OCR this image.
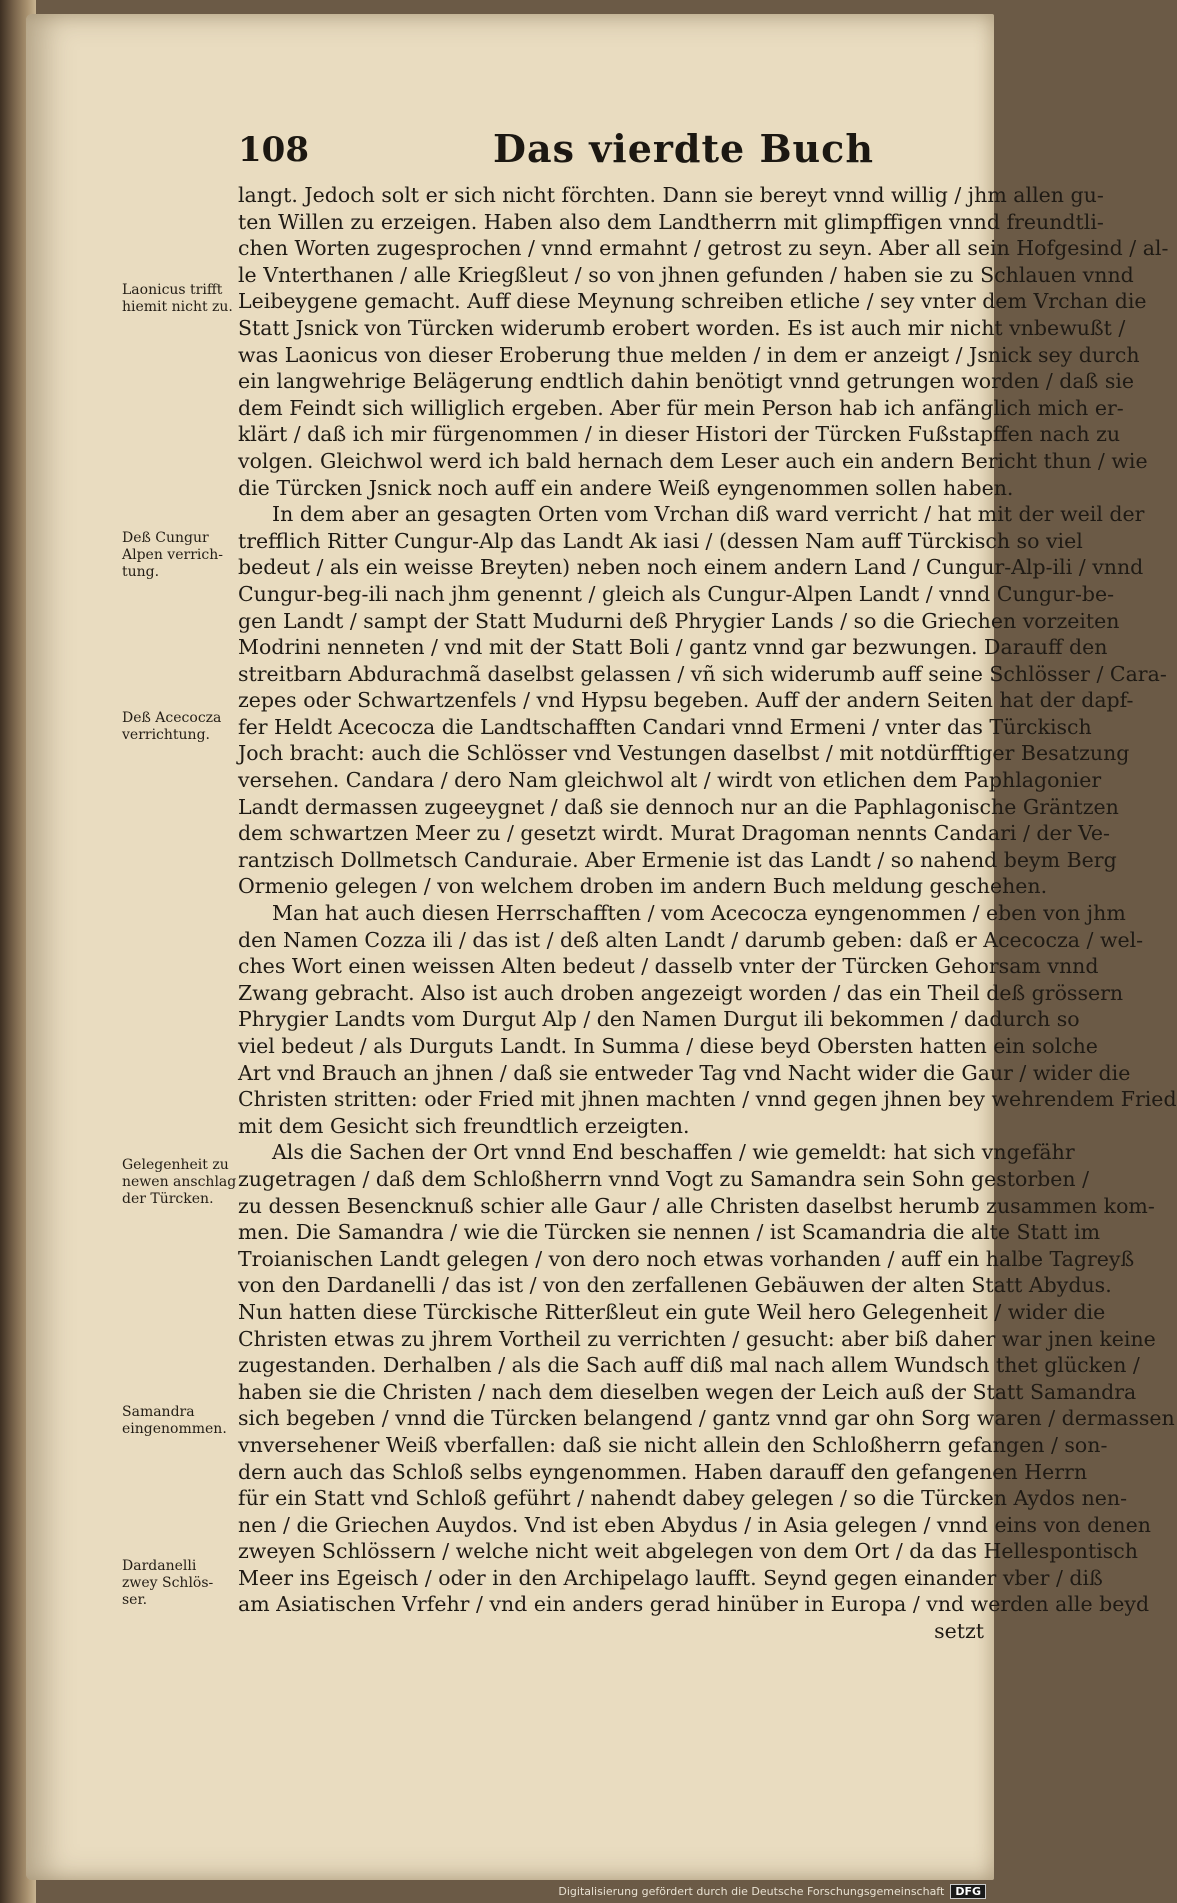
108	Das vierdte Buch
langt. Jedoch solt er sich nicht förchten. Dann sie bereyt vnnd willig / jhm allen gu-
ten Willen zu erzeigen. Haben also dem Landtherrn mit glimpffigen vnnd freundtli-
chen Worten zugesprochen / vnnd ermahnt / getrost zu seyn. Aber all sein Hofgesind / al-
le Vnterthanen / alle Kriegßleut / so von jhnen gefunden / haben sie zu Schlauen vnnd
Leibeygene gemacht. Auff diese Meynung schreiben etliche / sey vnter dem Vrchan die
Statt Jsnick von Türcken widerumb erobert worden. Es ist auch mir nicht vnbewußt /
was Laonicus von dieser Eroberung thue melden / in dem er anzeigt / Jsnick sey durch
ein langwehrige Belägerung endtlich dahin benötigt vnnd getrungen worden / daß sie
dem Feindt sich williglich ergeben. Aber für mein Person hab ich anfänglich mich er-
klärt / daß ich mir fürgenommen / in dieser Histori der Türcken Fußstapffen nach zu
volgen. Gleichwol werd ich bald hernach dem Leser auch ein andern Bericht thun / wie
die Türcken Jsnick noch auff ein andere Weiß eyngenommen sollen haben.
In dem aber an gesagten Orten vom Vrchan diß ward verricht / hat mit der weil der
trefflich Ritter Cungur-Alp das Landt Ak iasi / (dessen Nam auff Türckisch so viel
bedeut / als ein weisse Breyten) neben noch einem andern Land / Cungur-Alp-ili / vnnd
Cungur-beg-ili nach jhm genennt / gleich als Cungur-Alpen Landt / vnnd Cungur-be-
gen Landt / sampt der Statt Mudurni deß Phrygier Lands / so die Griechen vorzeiten
Modrini nenneten / vnd mit der Statt Boli / gantz vnnd gar bezwungen. Darauff den
streitbarn Abdurachmã daselbst gelassen / vñ sich widerumb auff seine Schlösser / Cara-
zepes oder Schwartzenfels / vnd Hypsu begeben. Auff der andern Seiten hat der dapf-
fer Heldt Acecocza die Landtschafften Candari vnnd Ermeni / vnter das Türckisch
Joch bracht: auch die Schlösser vnd Vestungen daselbst / mit notdürfftiger Besatzung
versehen. Candara / dero Nam gleichwol alt / wirdt von etlichen dem Paphlagonier
Landt dermassen zugeeygnet / daß sie dennoch nur an die Paphlagonische Gräntzen
dem schwartzen Meer zu / gesetzt wirdt. Murat Dragoman nennts Candari / der Ve-
rantzisch Dollmetsch Canduraie. Aber Ermenie ist das Landt / so nahend beym Berg
Ormenio gelegen / von welchem droben im andern Buch meldung geschehen.
Man hat auch diesen Herrschafften / vom Acecocza eyngenommen / eben von jhm
den Namen Cozza ili / das ist / deß alten Landt / darumb geben: daß er Acecocza / wel-
ches Wort einen weissen Alten bedeut / dasselb vnter der Türcken Gehorsam vnnd
Zwang gebracht. Also ist auch droben angezeigt worden / das ein Theil deß grössern
Phrygier Landts vom Durgut Alp / den Namen Durgut ili bekommen / dadurch so
viel bedeut / als Durguts Landt. In Summa / diese beyd Obersten hatten ein solche
Art vnd Brauch an jhnen / daß sie entweder Tag vnd Nacht wider die Gaur / wider die
Christen stritten: oder Fried mit jhnen machten / vnnd gegen jhnen bey wehrendem Fried
mit dem Gesicht sich freundtlich erzeigten.
Als die Sachen der Ort vnnd End beschaffen / wie gemeldt: hat sich vngefähr
zugetragen / daß dem Schloßherrn vnnd Vogt zu Samandra sein Sohn gestorben /
zu dessen Besencknuß schier alle Gaur / alle Christen daselbst herumb zusammen kom-
men. Die Samandra / wie die Türcken sie nennen / ist Scamandria die alte Statt im
Troianischen Landt gelegen / von dero noch etwas vorhanden / auff ein halbe Tagreyß
von den Dardanelli / das ist / von den zerfallenen Gebäuwen der alten Statt Abydus.
Nun hatten diese Türckische Ritterßleut ein gute Weil hero Gelegenheit / wider die
Christen etwas zu jhrem Vortheil zu verrichten / gesucht: aber biß daher war jnen keine
zugestanden. Derhalben / als die Sach auff diß mal nach allem Wundsch thet glücken /
haben sie die Christen / nach dem dieselben wegen der Leich auß der Statt Samandra
sich begeben / vnnd die Türcken belangend / gantz vnnd gar ohn Sorg waren / dermassen
vnversehener Weiß vberfallen: daß sie nicht allein den Schloßherrn gefangen / son-
dern auch das Schloß selbs eyngenommen. Haben darauff den gefangenen Herrn
für ein Statt vnd Schloß geführt / nahendt dabey gelegen / so die Türcken Aydos nen-
nen / die Griechen Auydos. Vnd ist eben Abydus / in Asia gelegen / vnnd eins von denen
zweyen Schlössern / welche nicht weit abgelegen von dem Ort / da das Hellespontisch
Meer ins Egeisch / oder in den Archipelago laufft. Seynd gegen einander vber / diß
am Asiatischen Vrfehr / vnd ein anders gerad hinüber in Europa / vnd werden alle beyd
setzt
Laonicus trifft
hiemit nicht zu.
Deß Cungur
Alpen verrich-
tung.
Deß Acecocza
verrichtung.
Gelegenheit zu
newen anschlag
der Türcken.
Samandra
eingenommen.
Dardanelli
zwey Schlös-
ser.
Digitalisierung gefördert durch die Deutsche Forschungsgemeinschaft	DFG
